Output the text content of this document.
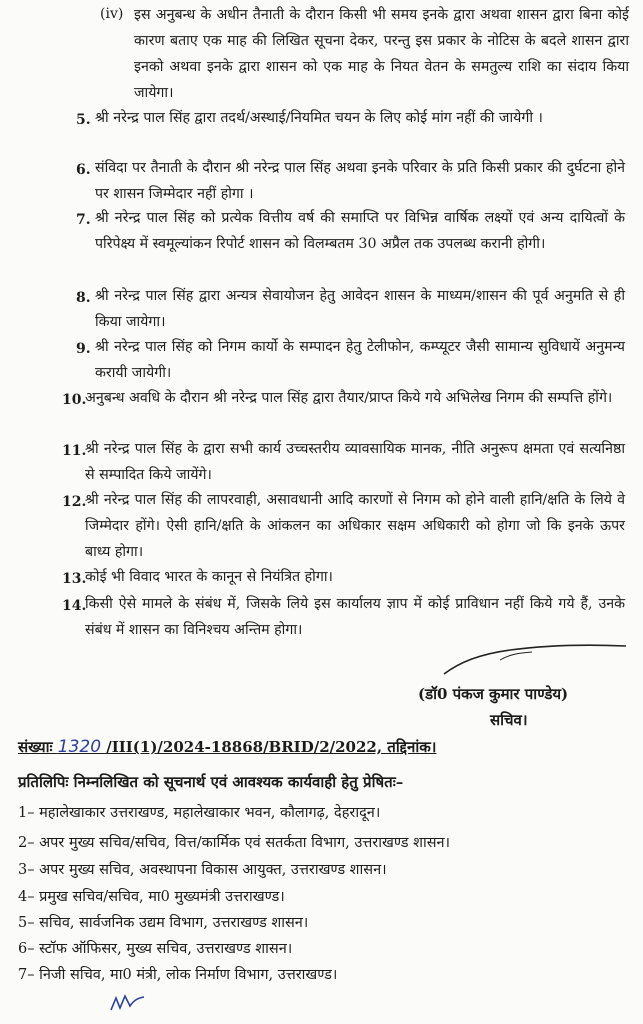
(iv) इस अनुबन्ध के अधीन तैनाती के दौरान किसी भी समय इनके द्वारा अथवा शासन द्वारा बिना कोई कारण बताए एक माह की लिखित सूचना देकर, परन्तु इस प्रकार के नोटिस के बदले शासन द्वारा इनको अथवा इनके द्वारा शासन को एक माह के नियत वेतन के समतुल्य राशि का संदाय किया जायेगा।
5. श्री नरेन्द्र पाल सिंह द्वारा तदर्थ/अस्थाई/नियमित चयन के लिए कोई मांग नहीं की जायेगी ।
6. संविदा पर तैनाती के दौरान श्री नरेन्द्र पाल सिंह अथवा इनके परिवार के प्रति किसी प्रकार की दुर्घटना होने पर शासन जिम्मेदार नहीं होगा ।
7. श्री नरेन्द्र पाल सिंह को प्रत्येक वित्तीय वर्ष की समाप्ति पर विभिन्न वार्षिक लक्ष्यों एवं अन्य दायित्वों के परिपेक्ष्य में स्वमूल्यांकन रिपोर्ट शासन को विलम्बतम 30 अप्रैल तक उपलब्ध करानी होगी।
8. श्री नरेन्द्र पाल सिंह द्वारा अन्यत्र सेवायोजन हेतु आवेदन शासन के माध्यम/शासन की पूर्व अनुमति से ही किया जायेगा।
9. श्री नरेन्द्र पाल सिंह को निगम कार्यो के सम्पादन हेतु टेलीफोन, कम्प्यूटर जैसी सामान्य सुविधायें अनुमन्य करायी जायेगी।
10.
अनुबन्ध अवधि के दौरान श्री नरेन्द्र पाल सिंह द्वारा तैयार/प्राप्त किये गये अभिलेख निगम की सम्पत्ति होंगे।
11.
श्री नरेन्द्र पाल सिंह के द्वारा सभी कार्य उच्चस्तरीय व्यावसायिक मानक, नीति अनुरूप क्षमता एवं सत्यनिष्ठा से सम्पादित किये जायेंगे।
12.
श्री नरेन्द्र पाल सिंह की लापरवाही, असावधानी आदि कारणों से निगम को होने वाली हानि/क्षति के लिये वे जिम्मेदार होंगे। ऐसी हानि/क्षति के आंकलन का अधिकार सक्षम अधिकारी को होगा जो कि इनके ऊपर बाध्य होगा।
13.
कोई भी विवाद भारत के कानून से नियंत्रित होगा।
14.
किसी ऐसे मामले के संबंध में, जिसके लिये इस कार्यालय ज्ञाप में कोई प्राविधान नहीं किये गये हैं, उनके संबंध में शासन का विनिश्चय अन्तिम होगा।
(डॉ0 पंकज कुमार पाण्डेय)
सचिव।
संख्याः 1320 /III(1)/2024-18868/BRID/2/2022, तद्दिनांक।
प्रतिलिपिः निम्नलिखित को सूचनार्थ एवं आवश्यक कार्यवाही हेतु प्रेषितः–
1– महालेखाकार उत्तराखण्ड, महालेखाकार भवन, कौलागढ़, देहरादून।
2– अपर मुख्य सचिव/सचिव, वित्त/कार्मिक एवं सतर्कता विभाग, उत्तराखण्ड शासन।
3– अपर मुख्य सचिव, अवस्थापना विकास आयुक्त, उत्तराखण्ड शासन।
4– प्रमुख सचिव/सचिव, मा0 मुख्यमंत्री उत्तराखण्ड।
5– सचिव, सार्वजनिक उद्यम विभाग, उत्तराखण्ड शासन।
6– स्टॉफ ऑफिसर, मुख्य सचिव, उत्तराखण्ड शासन।
7– निजी सचिव, मा0 मंत्री, लोक निर्माण विभाग, उत्तराखण्ड।
